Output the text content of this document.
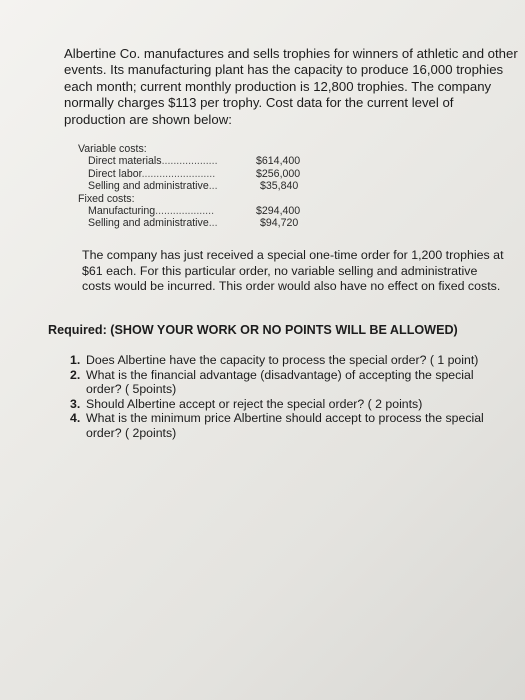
Albertine Co. manufactures and sells trophies for winners of athletic and other
events. Its manufacturing plant has the capacity to produce 16,000 trophies
each month; current monthly production is 12,800 trophies. The company
normally charges $113 per trophy. Cost data for the current level of
production are shown below:
Variable costs:
Direct materials...................	$614,400
Direct labor.........................	$256,000
Selling and administrative...	$35,840
Fixed costs:
Manufacturing....................	$294,400
Selling and administrative...	$94,720
The company has just received a special one-time order for 1,200 trophies at
$61 each. For this particular order, no variable selling and administrative
costs would be incurred. This order would also have no effect on fixed costs.
Required: (SHOW YOUR WORK OR NO POINTS WILL BE ALLOWED)
1. Does Albertine have the capacity to process the special order? ( 1 point)
2. What is the financial advantage (disadvantage) of accepting the special
order? ( 5points)
3. Should Albertine accept or reject the special order? ( 2 points)
4. What is the minimum price Albertine should accept to process the special
order? ( 2points)
